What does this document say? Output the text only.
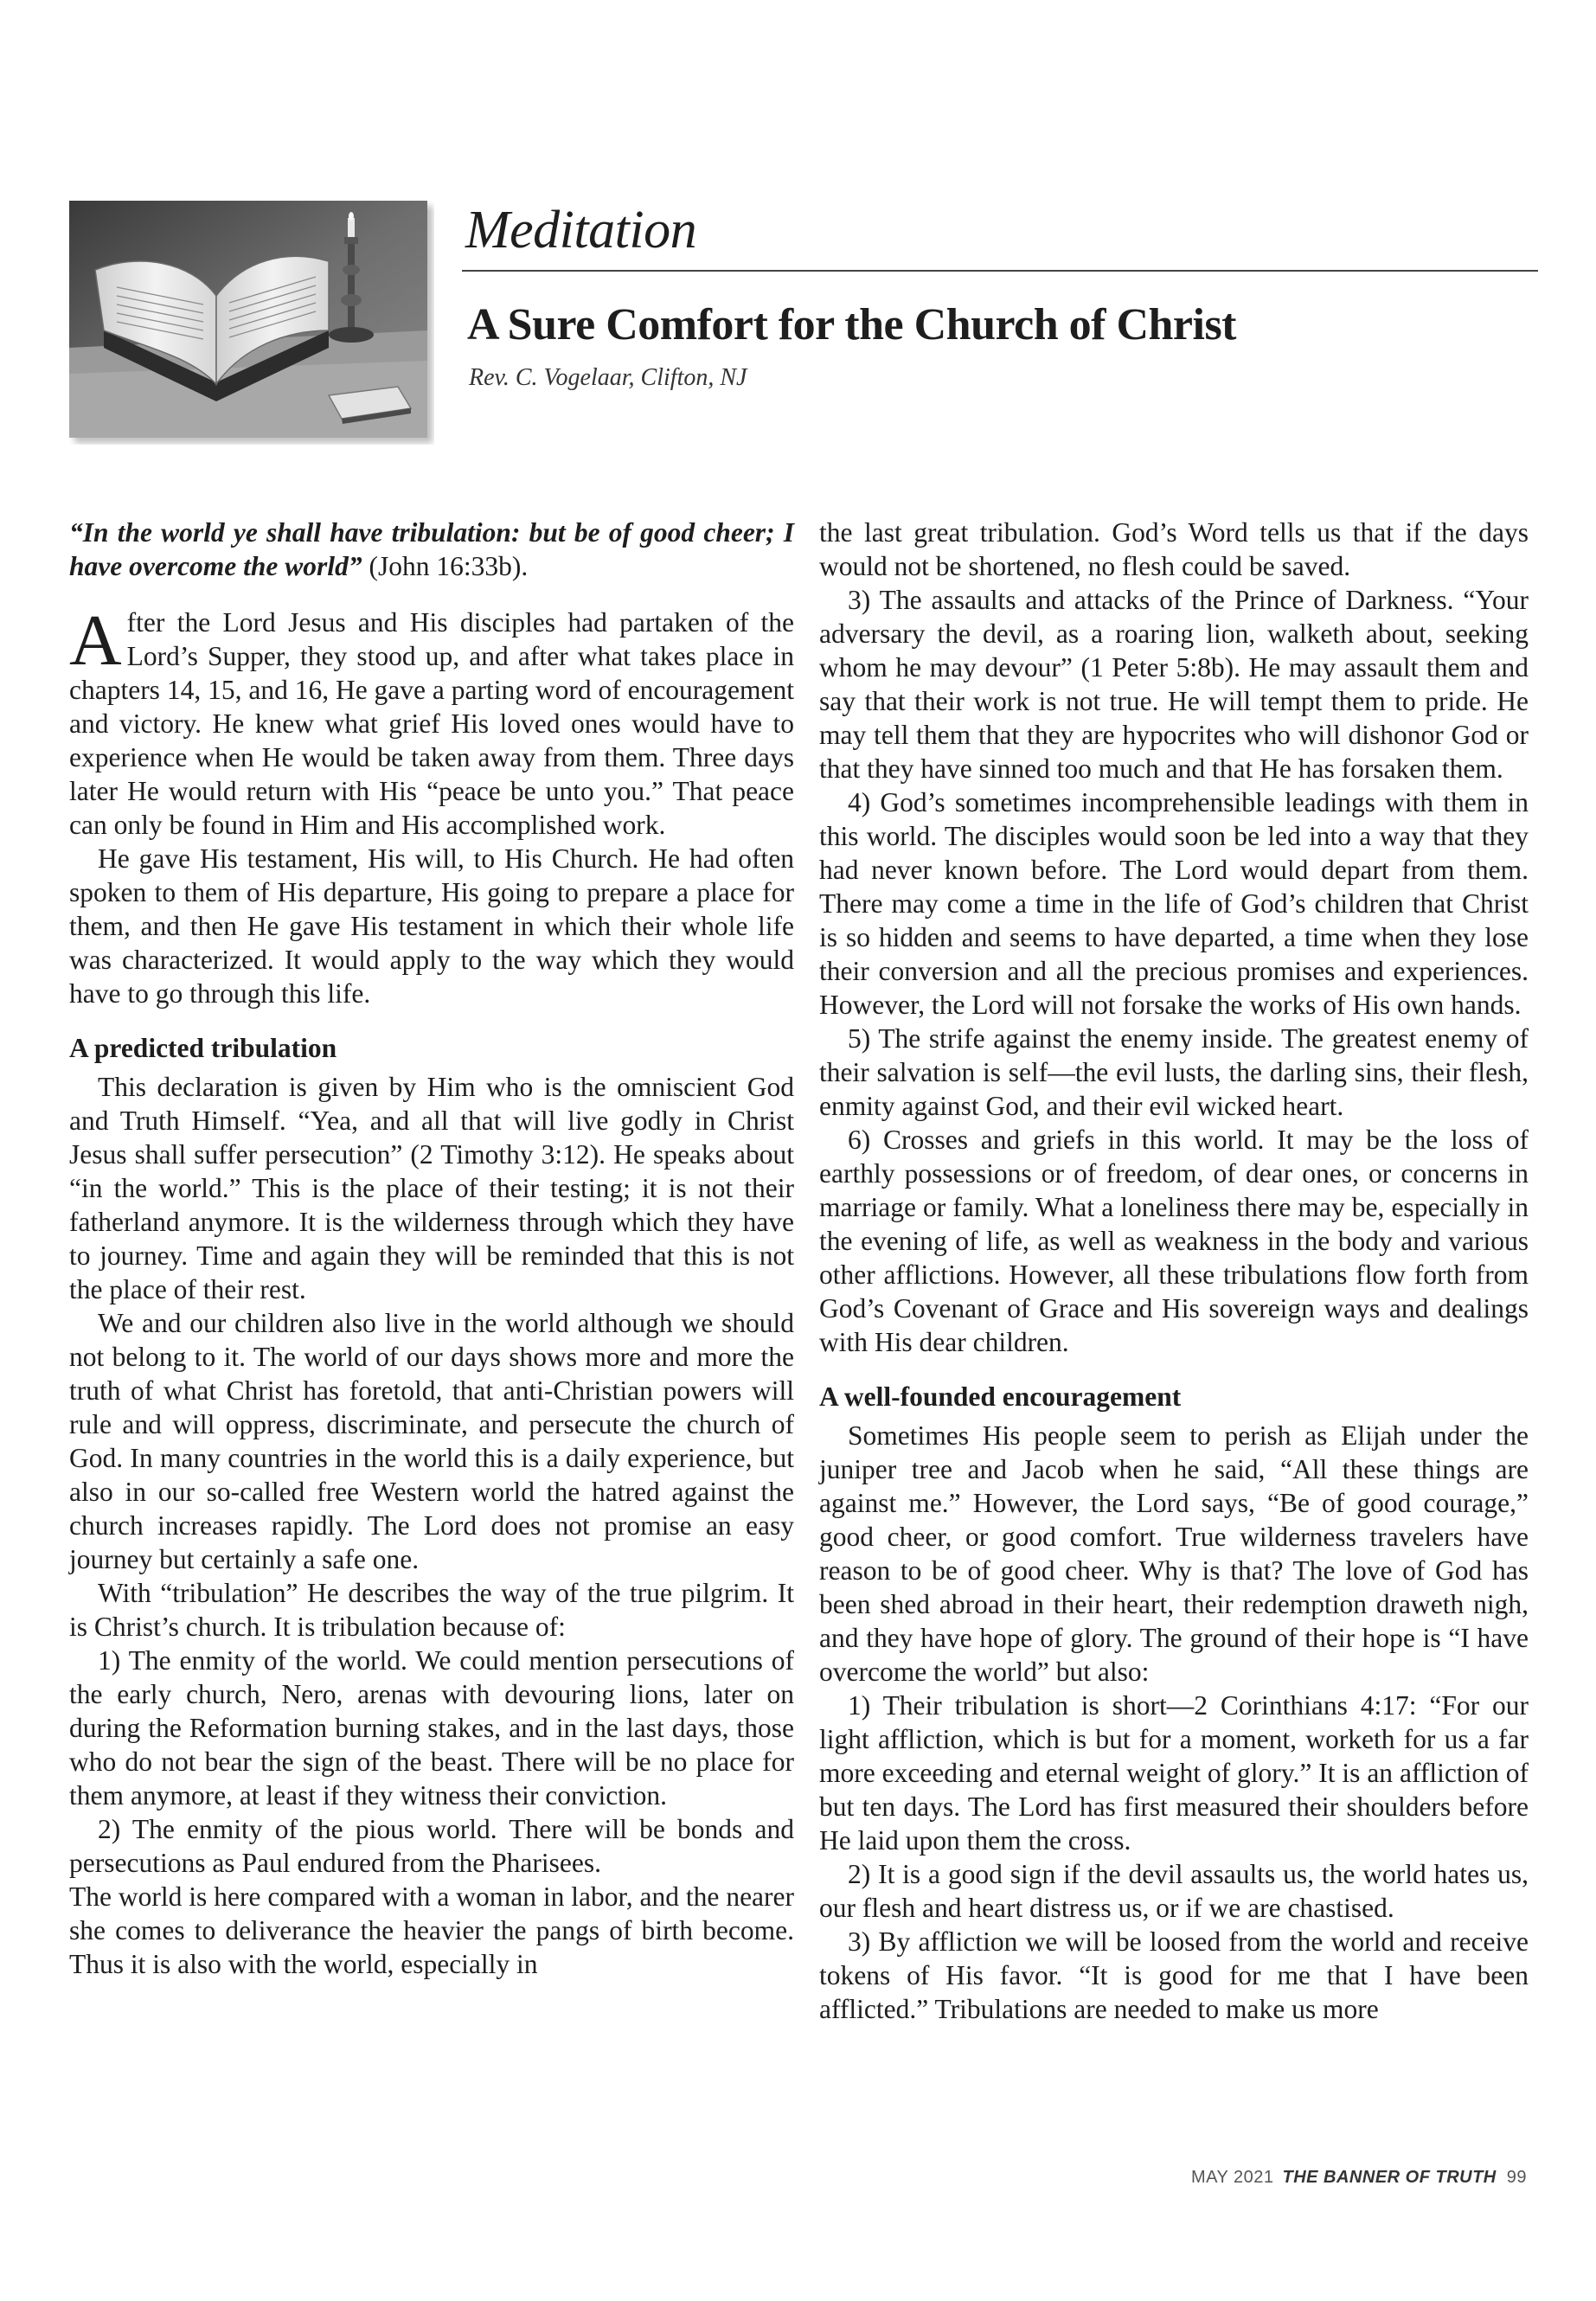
Meditation
A Sure Comfort for the Church of Christ
Rev. C. Vogelaar, Clifton, NJ

“In the world ye shall have tribulation: but be of good cheer; I have overcome the world” (John 16:33b).

After the Lord Jesus and His disciples had partaken of the Lord’s Supper, they stood up, and after what takes place in chapters 14, 15, and 16, He gave a parting word of encouragement and victory. He knew what grief His loved ones would have to experience when He would be taken away from them. Three days later He would return with His “peace be unto you.” That peace can only be found in Him and His accomplished work.

He gave His testament, His will, to His Church. He had often spoken to them of His departure, His going to prepare a place for them, and then He gave His testament in which their whole life was characterized. It would apply to the way which they would have to go through this life.

A predicted tribulation

This declaration is given by Him who is the omniscient God and Truth Himself. “Yea, and all that will live godly in Christ Jesus shall suffer persecution” (2 Timothy 3:12). He speaks about “in the world.” This is the place of their testing; it is not their fatherland anymore. It is the wilderness through which they have to journey. Time and again they will be reminded that this is not the place of their rest.

We and our children also live in the world although we should not belong to it. The world of our days shows more and more the truth of what Christ has foretold, that anti-Christian powers will rule and will oppress, discriminate, and persecute the church of God. In many countries in the world this is a daily experience, but also in our so-called free Western world the hatred against the church increases rapidly. The Lord does not promise an easy journey but certainly a safe one.

With “tribulation” He describes the way of the true pilgrim. It is Christ’s church. It is tribulation because of:

1) The enmity of the world. We could mention persecutions of the early church, Nero, arenas with devouring lions, later on during the Reformation burning stakes, and in the last days, those who do not bear the sign of the beast. There will be no place for them anymore, at least if they witness their conviction.

2) The enmity of the pious world. There will be bonds and persecutions as Paul endured from the Pharisees.

The world is here compared with a woman in labor, and the nearer she comes to deliverance the heavier the pangs of birth become. Thus it is also with the world, especially in

the last great tribulation. God’s Word tells us that if the days would not be shortened, no flesh could be saved.

3) The assaults and attacks of the Prince of Darkness. “Your adversary the devil, as a roaring lion, walketh about, seeking whom he may devour” (1 Peter 5:8b). He may assault them and say that their work is not true. He will tempt them to pride. He may tell them that they are hypocrites who will dishonor God or that they have sinned too much and that He has forsaken them.

4) God’s sometimes incomprehensible leadings with them in this world. The disciples would soon be led into a way that they had never known before. The Lord would depart from them. There may come a time in the life of God’s children that Christ is so hidden and seems to have departed, a time when they lose their conversion and all the precious promises and experiences. However, the Lord will not forsake the works of His own hands.

5) The strife against the enemy inside. The greatest enemy of their salvation is self—the evil lusts, the darling sins, their flesh, enmity against God, and their evil wicked heart.

6) Crosses and griefs in this world. It may be the loss of earthly possessions or of freedom, of dear ones, or concerns in marriage or family. What a loneliness there may be, especially in the evening of life, as well as weakness in the body and various other afflictions. However, all these tribulations flow forth from God’s Covenant of Grace and His sovereign ways and dealings with His dear children.

A well-founded encouragement

Sometimes His people seem to perish as Elijah under the juniper tree and Jacob when he said, “All these things are against me.” However, the Lord says, “Be of good courage,” good cheer, or good comfort. True wilderness travelers have reason to be of good cheer. Why is that? The love of God has been shed abroad in their heart, their redemption draweth nigh, and they have hope of glory. The ground of their hope is “I have overcome the world” but also:

1) Their tribulation is short—2 Corinthians 4:17: “For our light affliction, which is but for a moment, worketh for us a far more exceeding and eternal weight of glory.” It is an affliction of but ten days. The Lord has first measured their shoulders before He laid upon them the cross.

2) It is a good sign if the devil assaults us, the world hates us, our flesh and heart distress us, or if we are chastised.

3) By affliction we will be loosed from the world and receive tokens of His favor. “It is good for me that I have been afflicted.” Tribulations are needed to make us more

MAY 2021 THE BANNER OF TRUTH 99
